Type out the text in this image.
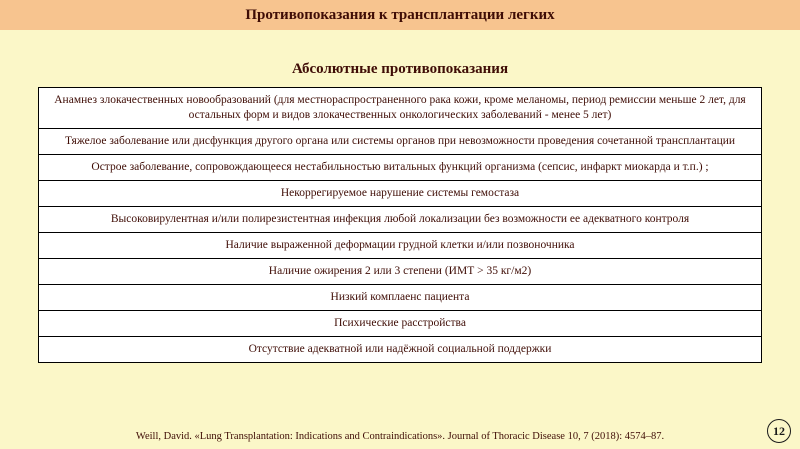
Противопоказания к трансплантации легких
Абсолютные противопоказания
Анамнез злокачественных новообразований (для местнораспространенного рака кожи, кроме меланомы, период ремиссии меньше 2 лет, для остальных форм и видов злокачественных онкологических заболеваний - менее 5 лет)
Тяжелое заболевание или дисфункция другого органа или системы органов при невозможности проведения сочетанной трансплантации
Острое заболевание, сопровождающееся нестабильностью витальных функций организма (сепсис, инфаркт миокарда и т.п.) ;
Некоррегируемое нарушение системы гемостаза
Высоковирулентная и/или полирезистентная инфекция любой локализации без возможности ее адекватного контроля
Наличие выраженной деформации грудной клетки и/или позвоночника
Наличие ожирения 2 или 3 степени (ИМТ > 35 кг/м2)
Низкий комплаенс пациента
Психические расстройства
Отсутствие адекватной или надёжной социальной поддержки
Weill, David. «Lung Transplantation: Indications and Contraindications». Journal of Thoracic Disease 10, 7 (2018): 4574–87.	12
